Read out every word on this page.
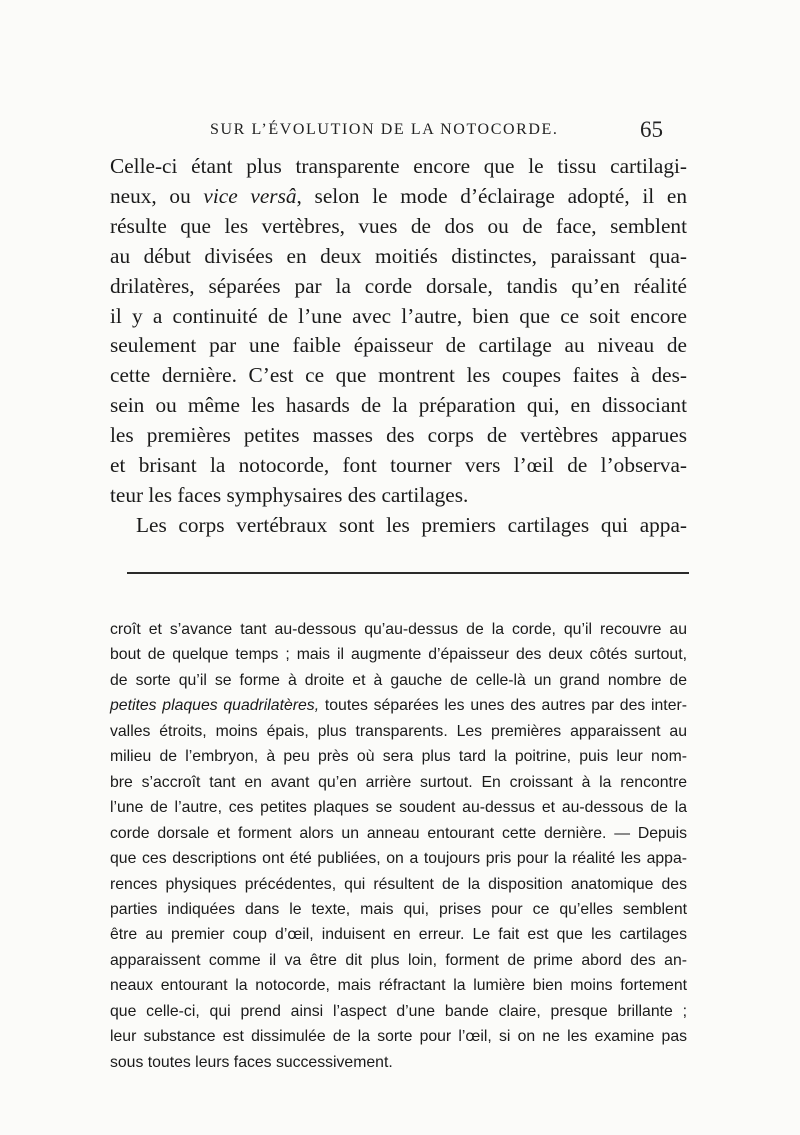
SUR L’ÉVOLUTION DE LA NOTOCORDE.	65
Celle-ci étant plus transparente encore que le tissu cartilagi-
neux, ou vice versâ, selon le mode d’éclairage adopté, il en
résulte que les vertèbres, vues de dos ou de face, semblent
au début divisées en deux moitiés distinctes, paraissant qua-
drilatères, séparées par la corde dorsale, tandis qu’en réalité
il y a continuité de l’une avec l’autre, bien que ce soit encore
seulement par une faible épaisseur de cartilage au niveau de
cette dernière. C’est ce que montrent les coupes faites à des-
sein ou même les hasards de la préparation qui, en dissociant
les premières petites masses des corps de vertèbres apparues
et brisant la notocorde, font tourner vers l’œil de l’observa-
teur les faces symphysaires des cartilages.
Les corps vertébraux sont les premiers cartilages qui appa-
croît et s’avance tant au-dessous qu’au-dessus de la corde, qu’il recouvre au
bout de quelque temps ; mais il augmente d’épaisseur des deux côtés surtout,
de sorte qu’il se forme à droite et à gauche de celle-là un grand nombre de
petites plaques quadrilatères, toutes séparées les unes des autres par des inter-
valles étroits, moins épais, plus transparents. Les premières apparaissent au
milieu de l’embryon, à peu près où sera plus tard la poitrine, puis leur nom-
bre s’accroît tant en avant qu’en arrière surtout. En croissant à la rencontre
l’une de l’autre, ces petites plaques se soudent au-dessus et au-dessous de la
corde dorsale et forment alors un anneau entourant cette dernière. — Depuis
que ces descriptions ont été publiées, on a toujours pris pour la réalité les appa-
rences physiques précédentes, qui résultent de la disposition anatomique des
parties indiquées dans le texte, mais qui, prises pour ce qu’elles semblent
être au premier coup d’œil, induisent en erreur. Le fait est que les cartilages
apparaissent comme il va être dit plus loin, forment de prime abord des an-
neaux entourant la notocorde, mais réfractant la lumière bien moins fortement
que celle-ci, qui prend ainsi l’aspect d’une bande claire, presque brillante ;
leur substance est dissimulée de la sorte pour l’œil, si on ne les examine pas
sous toutes leurs faces successivement.
